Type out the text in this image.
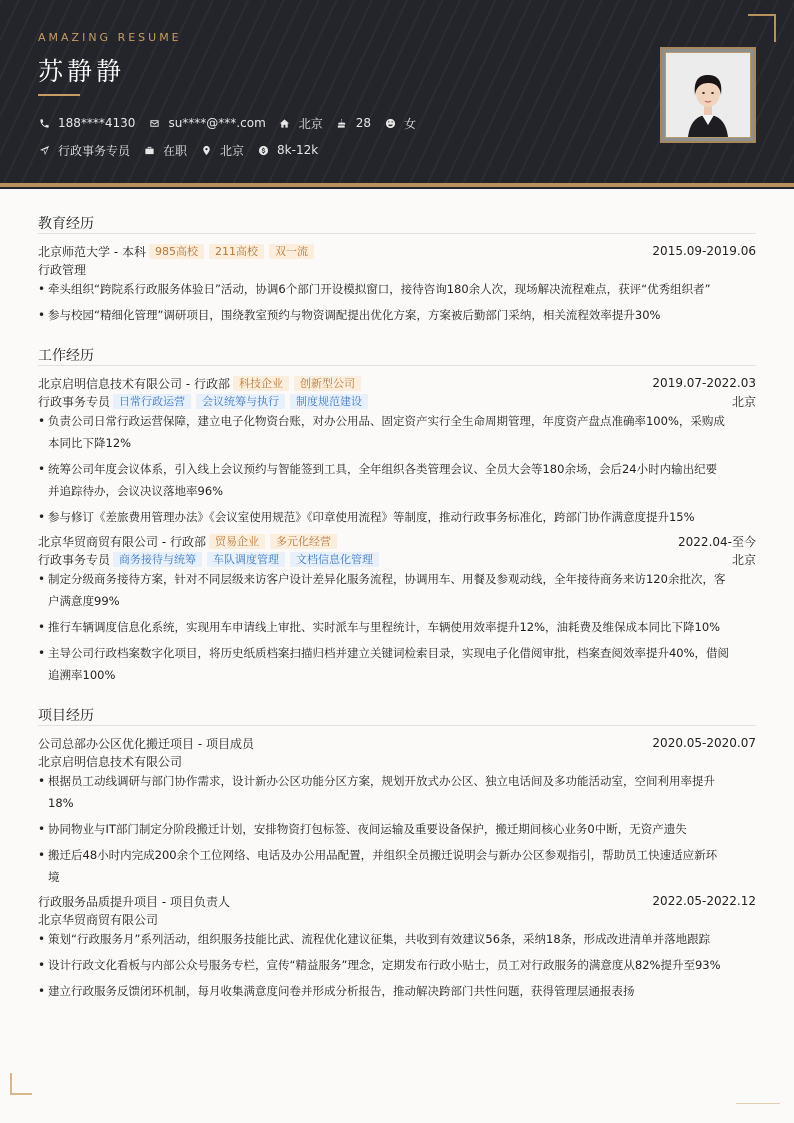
AMAZING RESUME
苏静静
188****4130	su****@***.com	北京	28	女
行政事务专员	在职	北京	8k-12k
教育经历
北京师范大学 - 本科 985高校	211高校	双一流	2015.09-2019.06
行政管理
• 牵头组织“跨院系行政服务体验日”活动，协调6个部门开设模拟窗口，接待咨询180余人次，现场解决流程难点，获评“优秀组织者”
• 参与校园“精细化管理”调研项目，围绕教室预约与物资调配提出优化方案，方案被后勤部门采纳，相关流程效率提升30%
工作经历
北京启明信息技术有限公司 - 行政部 科技企业	创新型公司	2019.07-2022.03
行政事务专员 日常行政运营	会议统筹与执行	制度规范建设	北京
• 负责公司日常行政运营保障，建立电子化物资台账，对办公用品、固定资产实行全生命周期管理，年度资产盘点准确率100%，采购成
本同比下降12%
• 统筹公司年度会议体系，引入线上会议预约与智能签到工具，全年组织各类管理会议、全员大会等180余场，会后24小时内输出纪要
并追踪待办，会议决议落地率96%
• 参与修订《差旅费用管理办法》《会议室使用规范》《印章使用流程》等制度，推动行政事务标准化，跨部门协作满意度提升15%
北京华贸商贸有限公司 - 行政部 贸易企业	多元化经营	2022.04-至今
行政事务专员 商务接待与统筹	车队调度管理	文档信息化管理	北京
• 制定分级商务接待方案，针对不同层级来访客户设计差异化服务流程，协调用车、用餐及参观动线，全年接待商务来访120余批次，客
户满意度99%
• 推行车辆调度信息化系统，实现用车申请线上审批、实时派车与里程统计，车辆使用效率提升12%，油耗费及维保成本同比下降10%
• 主导公司行政档案数字化项目，将历史纸质档案扫描归档并建立关键词检索目录，实现电子化借阅审批，档案查阅效率提升40%，借阅
追溯率100%
项目经历
公司总部办公区优化搬迁项目 - 项目成员	2020.05-2020.07
北京启明信息技术有限公司
• 根据员工动线调研与部门协作需求，设计新办公区功能分区方案，规划开放式办公区、独立电话间及多功能活动室，空间利用率提升
18%
• 协同物业与IT部门制定分阶段搬迁计划，安排物资打包标签、夜间运输及重要设备保护，搬迁期间核心业务0中断，无资产遗失
• 搬迁后48小时内完成200余个工位网络、电话及办公用品配置，并组织全员搬迁说明会与新办公区参观指引，帮助员工快速适应新环
境
行政服务品质提升项目 - 项目负责人	2022.05-2022.12
北京华贸商贸有限公司
• 策划“行政服务月”系列活动，组织服务技能比武、流程优化建议征集，共收到有效建议56条，采纳18条，形成改进清单并落地跟踪
• 设计行政文化看板与内部公众号服务专栏，宣传“精益服务”理念，定期发布行政小贴士，员工对行政服务的满意度从82%提升至93%
• 建立行政服务反馈闭环机制，每月收集满意度问卷并形成分析报告，推动解决跨部门共性问题，获得管理层通报表扬
